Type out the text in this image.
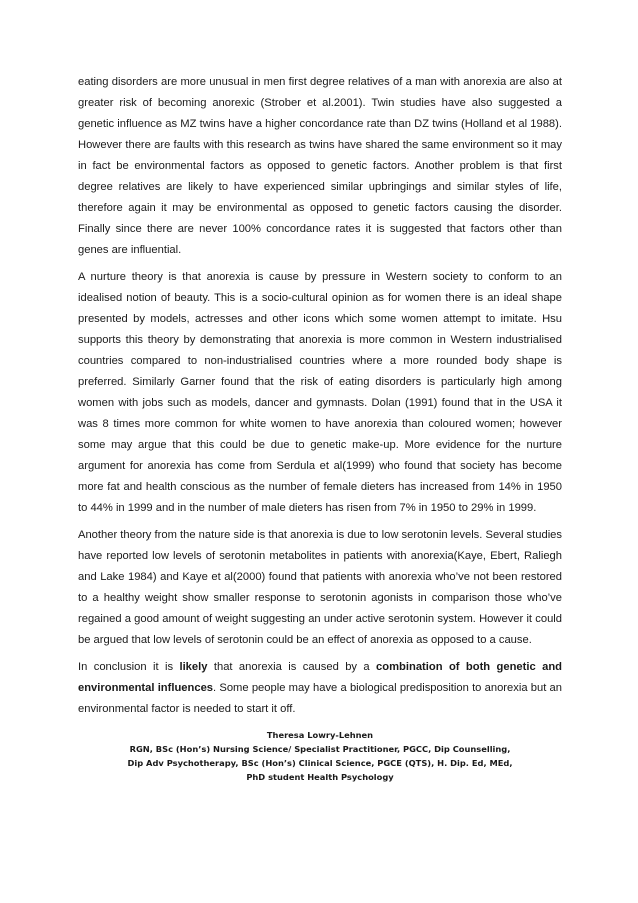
eating disorders are more unusual in men first degree relatives of a man with anorexia are also at greater risk of becoming anorexic (Strober et al.2001). Twin studies have also suggested a genetic influence as MZ twins have a higher concordance rate than DZ twins (Holland et al 1988). However there are faults with this research as twins have shared the same environment so it may in fact be environmental factors as opposed to genetic factors. Another problem is that first degree relatives are likely to have experienced similar upbringings and similar styles of life, therefore again it may be environmental as opposed to genetic factors causing the disorder. Finally since there are never 100% concordance rates it is suggested that factors other than genes are influential.

A nurture theory is that anorexia is cause by pressure in Western society to conform to an idealised notion of beauty. This is a socio-cultural opinion as for women there is an ideal shape presented by models, actresses and other icons which some women attempt to imitate. Hsu supports this theory by demonstrating that anorexia is more common in Western industrialised countries compared to non-industrialised countries where a more rounded body shape is preferred. Similarly Garner found that the risk of eating disorders is particularly high among women with jobs such as models, dancer and gymnasts. Dolan (1991) found that in the USA it was 8 times more common for white women to have anorexia than coloured women; however some may argue that this could be due to genetic make-up. More evidence for the nurture argument for anorexia has come from Serdula et al(1999) who found that society has become more fat and health conscious as the number of female dieters has increased from 14% in 1950 to 44% in 1999 and in the number of male dieters has risen from 7% in 1950 to 29% in 1999.

Another theory from the nature side is that anorexia is due to low serotonin levels. Several studies have reported low levels of serotonin metabolites in patients with anorexia(Kaye, Ebert, Raliegh and Lake 1984) and Kaye et al(2000) found that patients with anorexia who’ve not been restored to a healthy weight show smaller response to serotonin agonists in comparison those who’ve regained a good amount of weight suggesting an under active serotonin system. However it could be argued that low levels of serotonin could be an effect of anorexia as opposed to a cause.

In conclusion it is likely that anorexia is caused by a combination of both genetic and environmental influences. Some people may have a biological predisposition to anorexia but an environmental factor is needed to start it off.

Theresa Lowry-Lehnen
RGN, BSc (Hon’s) Nursing Science/ Specialist Practitioner, PGCC, Dip Counselling,
Dip Adv Psychotherapy, BSc (Hon’s) Clinical Science, PGCE (QTS), H. Dip. Ed, MEd,
PhD student Health Psychology
